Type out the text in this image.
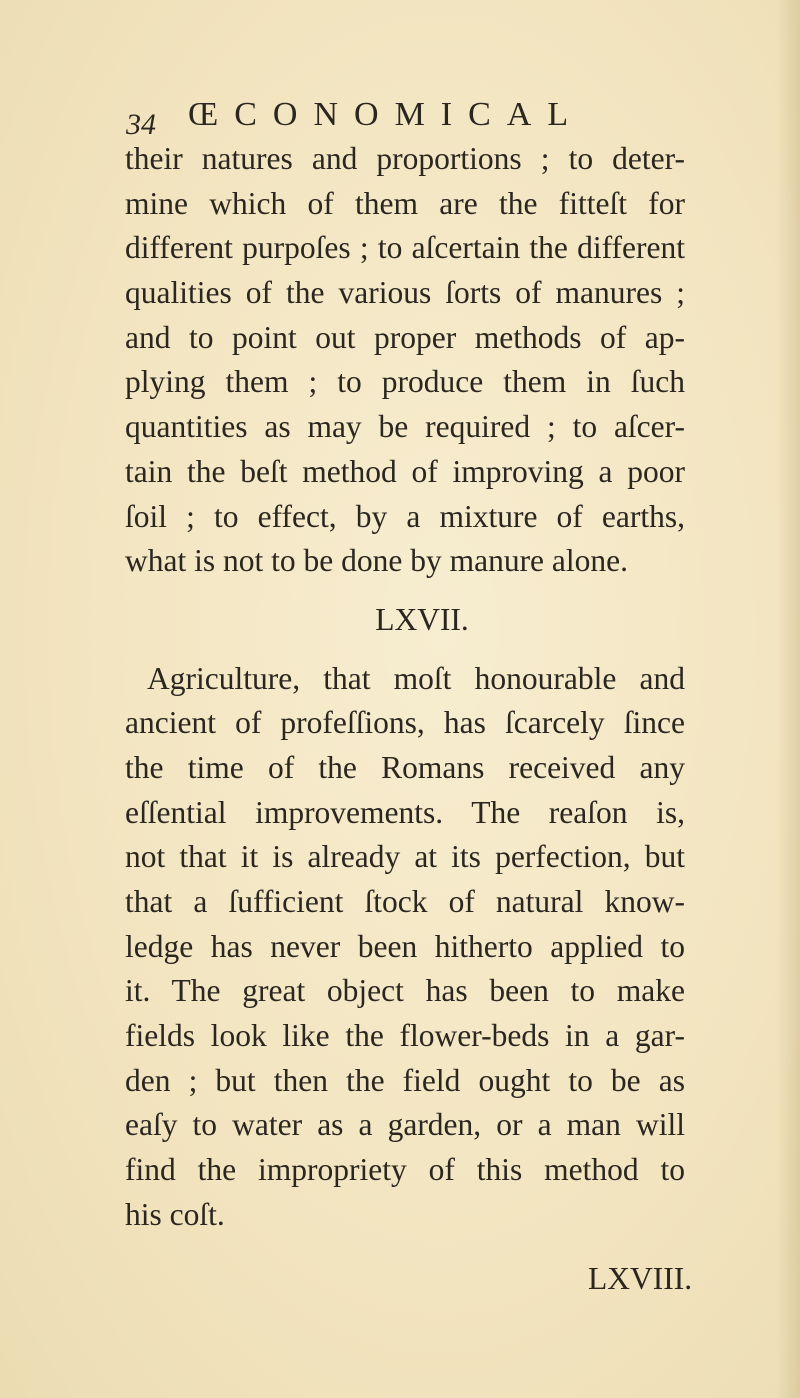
34 ŒCONOMICAL
their natures and proportions ; to deter-
mine which of them are the fitteſt for
different purpoſes ; to aſcertain the different
qualities of the various ſorts of manures ;
and to point out proper methods of ap-
plying them ; to produce them in ſuch
quantities as may be required ; to aſcer-
tain the beſt method of improving a poor
ſoil ; to effect, by a mixture of earths,
what is not to be done by manure alone.
LXVII.
Agriculture, that moſt honourable and
ancient of profeſſions, has ſcarcely ſince
the time of the Romans received any
eſſential improvements. The reaſon is,
not that it is already at its perfection, but
that a ſufficient ſtock of natural know-
ledge has never been hitherto applied to
it. The great object has been to make
fields look like the flower-beds in a gar-
den ; but then the field ought to be as
eaſy to water as a garden, or a man will
find the impropriety of this method to
his coſt.
LXVIII.
